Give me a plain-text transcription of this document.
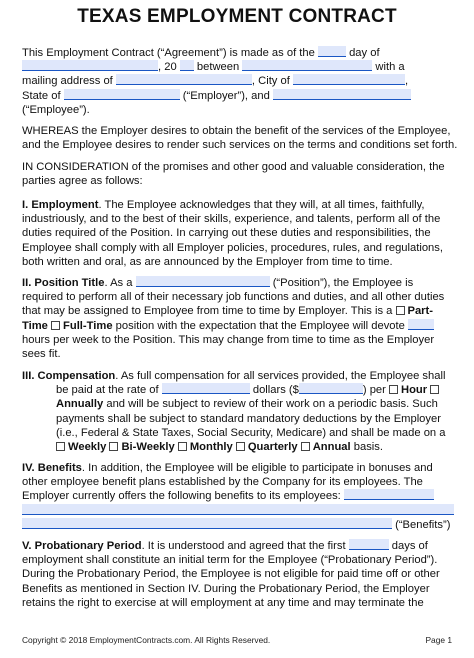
TEXAS EMPLOYMENT CONTRACT
This Employment Contract (“Agreement”) is made as of the	day of
, 20 between	with a
mailing address of	, City of	,
State of	(“Employer”), and
(“Employee”).
WHEREAS the Employer desires to obtain the benefit of the services of the Employee,
and the Employee desires to render such services on the terms and conditions set forth.
IN CONSIDERATION of the promises and other good and valuable consideration, the
parties agree as follows:
I. Employment. The Employee acknowledges that they will, at all times, faithfully,
industriously, and to the best of their skills, experience, and talents, perform all of the
duties required of the Position. In carrying out these duties and responsibilities, the
Employee shall comply with all Employer policies, procedures, rules, and regulations,
both written and oral, as are announced by the Employer from time to time.
II. Position Title. As a	(“Position”), the Employee is
required to perform all of their necessary job functions and duties, and all other duties
that may be assigned to Employee from time to time by Employer. This is a Part-
Time Full-Time position with the expectation that the Employee will devote
hours per week to the Position. This may change from time to time as the Employer
sees fit.
III. Compensation. As full compensation for all services provided, the Employee shall
be paid at the rate of	dollars ($	) per Hour
Annually and will be subject to review of their work on a periodic basis. Such
payments shall be subject to standard mandatory deductions by the Employer
(i.e., Federal & State Taxes, Social Security, Medicare) and shall be made on a
Weekly Bi-Weekly Monthly Quarterly Annual basis.
IV. Benefits. In addition, the Employee will be eligible to participate in bonuses and
other employee benefit plans established by the Company for its employees. The
Employer currently offers the following benefits to its employees:
(“Benefits”)
V. Probationary Period. It is understood and agreed that the first	days of
employment shall constitute an initial term for the Employee (“Probationary Period”).
During the Probationary Period, the Employee is not eligible for paid time off or other
Benefits as mentioned in Section IV. During the Probationary Period, the Employer
retains the right to exercise at will employment at any time and may terminate the
Copyright © 2018 EmploymentContracts.com. All Rights Reserved.	Page 1
